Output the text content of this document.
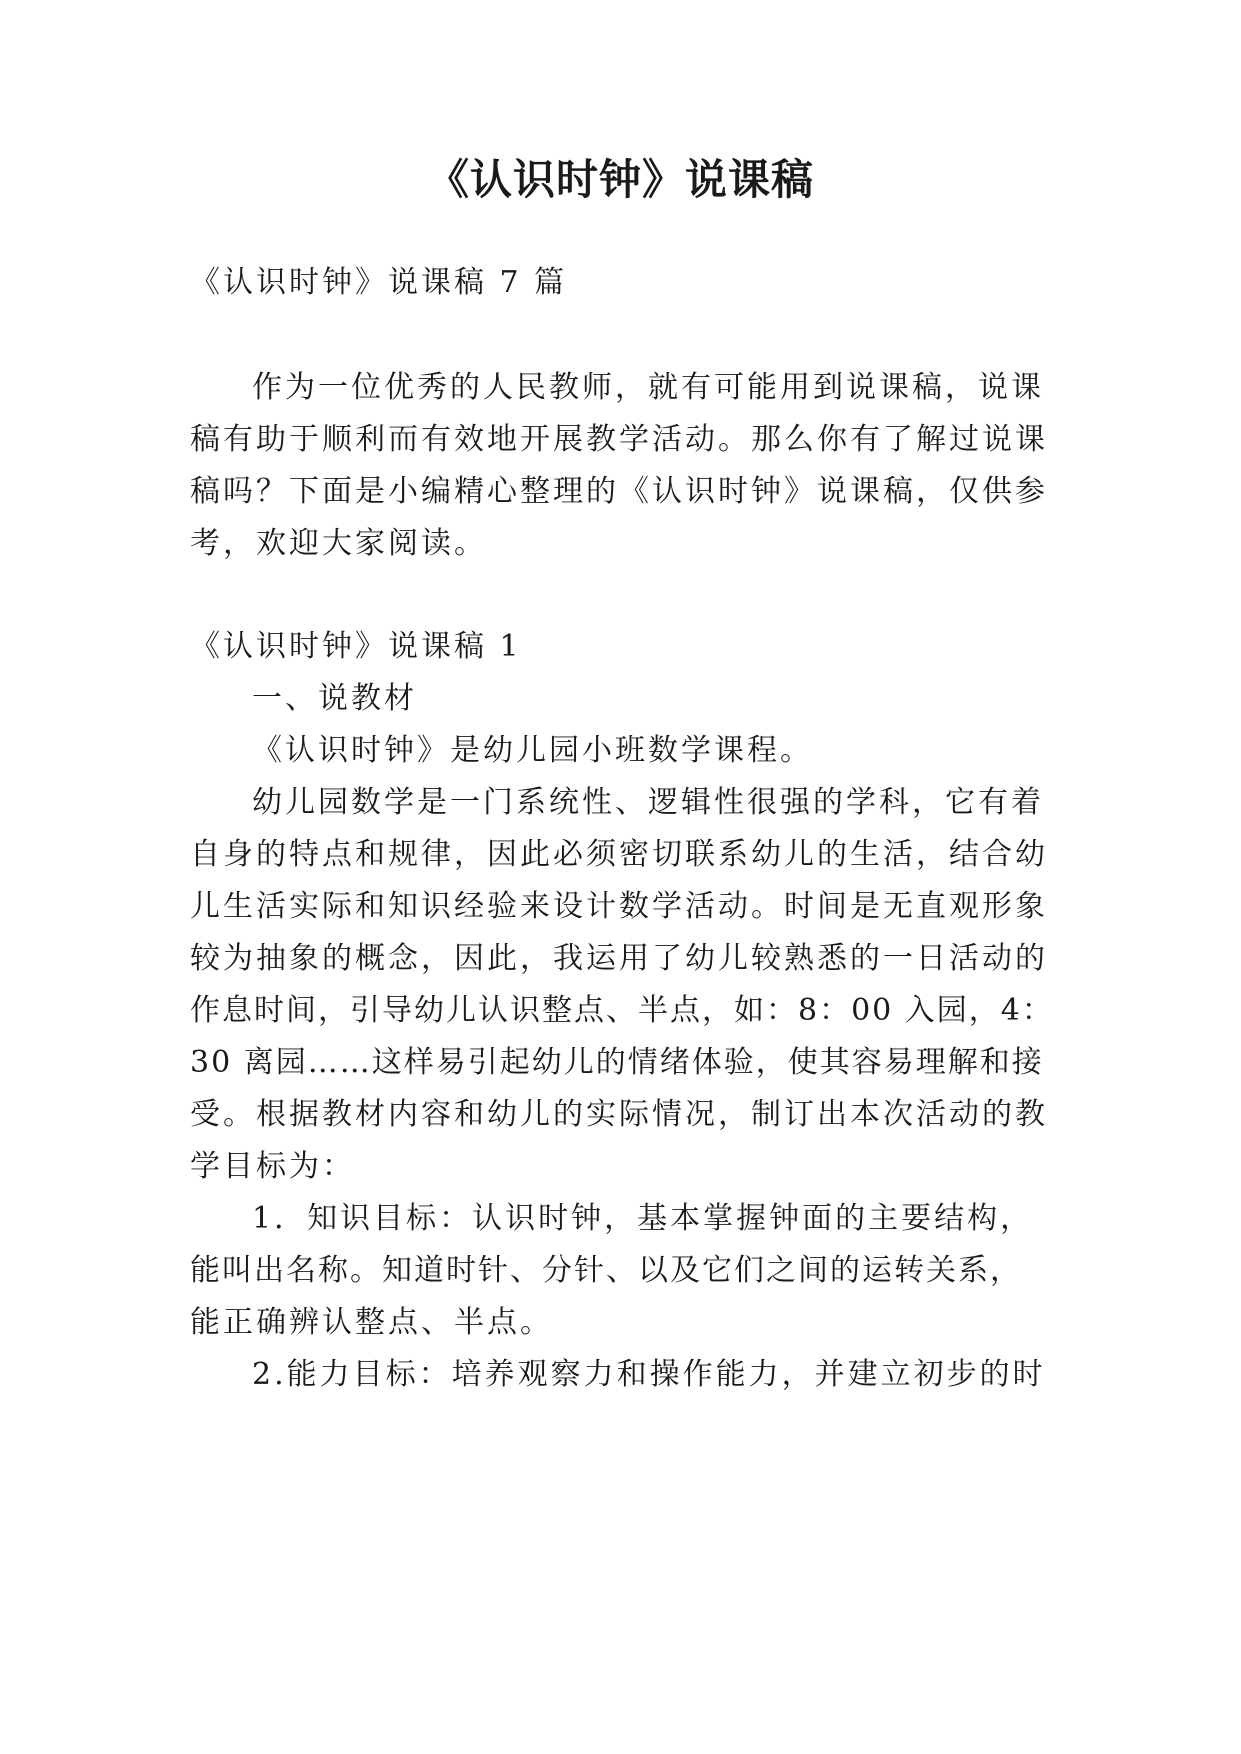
《认识时钟》说课稿
《认识时钟》说课稿 7 篇
作为一位优秀的人民教师，就有可能用到说课稿，说课
稿有助于顺利而有效地开展教学活动。那么你有了解过说课
稿吗？下面是小编精心整理的《认识时钟》说课稿，仅供参
考，欢迎大家阅读。
《认识时钟》说课稿 1
一、说教材
《认识时钟》是幼儿园小班数学课程。
幼儿园数学是一门系统性、逻辑性很强的学科，它有着
自身的特点和规律，因此必须密切联系幼儿的生活，结合幼
儿生活实际和知识经验来设计数学活动。时间是无直观形象
较为抽象的概念，因此，我运用了幼儿较熟悉的一日活动的
作息时间，引导幼儿认识整点、半点，如：8：00 入园，4：
30 离园……这样易引起幼儿的情绪体验，使其容易理解和接
受。根据教材内容和幼儿的实际情况，制订出本次活动的教
学目标为：
1．知识目标：认识时钟，基本掌握钟面的主要结构，
能叫出名称。知道时针、分针、以及它们之间的运转关系，
能正确辨认整点、半点。
2.能力目标：培养观察力和操作能力，并建立初步的时
